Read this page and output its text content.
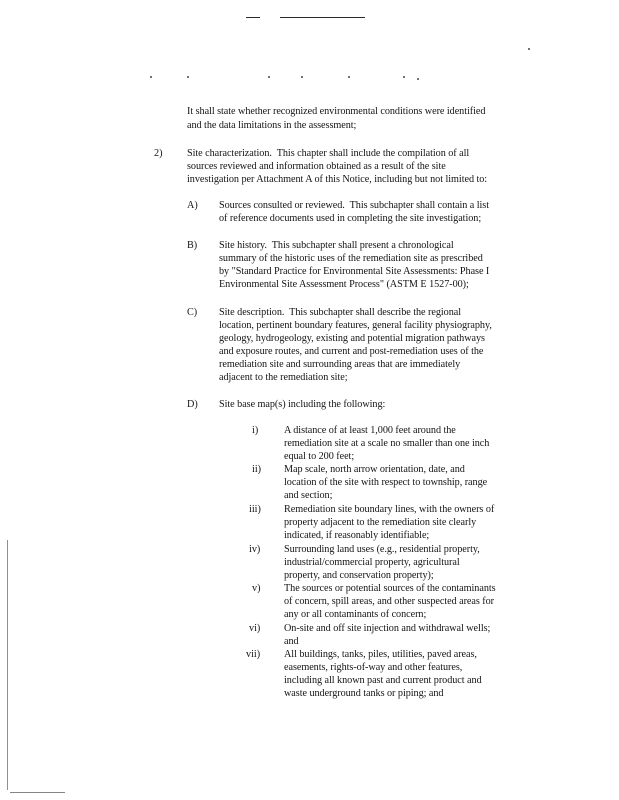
It shall state whether recognized environmental conditions were identified

and the data limitations in the assessment;

2) Site characterization.  This chapter shall include the compilation of all

sources reviewed and information obtained as a result of the site

investigation per Attachment A of this Notice, including but not limited to:

A) Sources consulted or reviewed.  This subchapter shall contain a list

of reference documents used in completing the site investigation;

B) Site history.  This subchapter shall present a chronological

summary of the historic uses of the remediation site as prescribed

by "Standard Practice for Environmental Site Assessments: Phase I

Environmental Site Assessment Process" (ASTM E 1527-00);

C) Site description.  This subchapter shall describe the regional

location, pertinent boundary features, general facility physiography,

geology, hydrogeology, existing and potential migration pathways

and exposure routes, and current and post-remediation uses of the

remediation site and surrounding areas that are immediately

adjacent to the remediation site;

D) Site base map(s) including the following:

i)	A distance of at least 1,000 feet around the

remediation site at a scale no smaller than one inch

equal to 200 feet;

ii) Map scale, north arrow orientation, date, and

location of the site with respect to township, range

and section;

iii) Remediation site boundary lines, with the owners of

property adjacent to the remediation site clearly

indicated, if reasonably identifiable;

iv) Surrounding land uses (e.g., residential property,

industrial/commercial property, agricultural

property, and conservation property);

v) The sources or potential sources of the contaminants

of concern, spill areas, and other suspected areas for

any or all contaminants of concern;

vi) On-site and off site injection and withdrawal wells;

and

vii) All buildings, tanks, piles, utilities, paved areas,

easements, rights-of-way and other features,

including all known past and current product and

waste underground tanks or piping; and
